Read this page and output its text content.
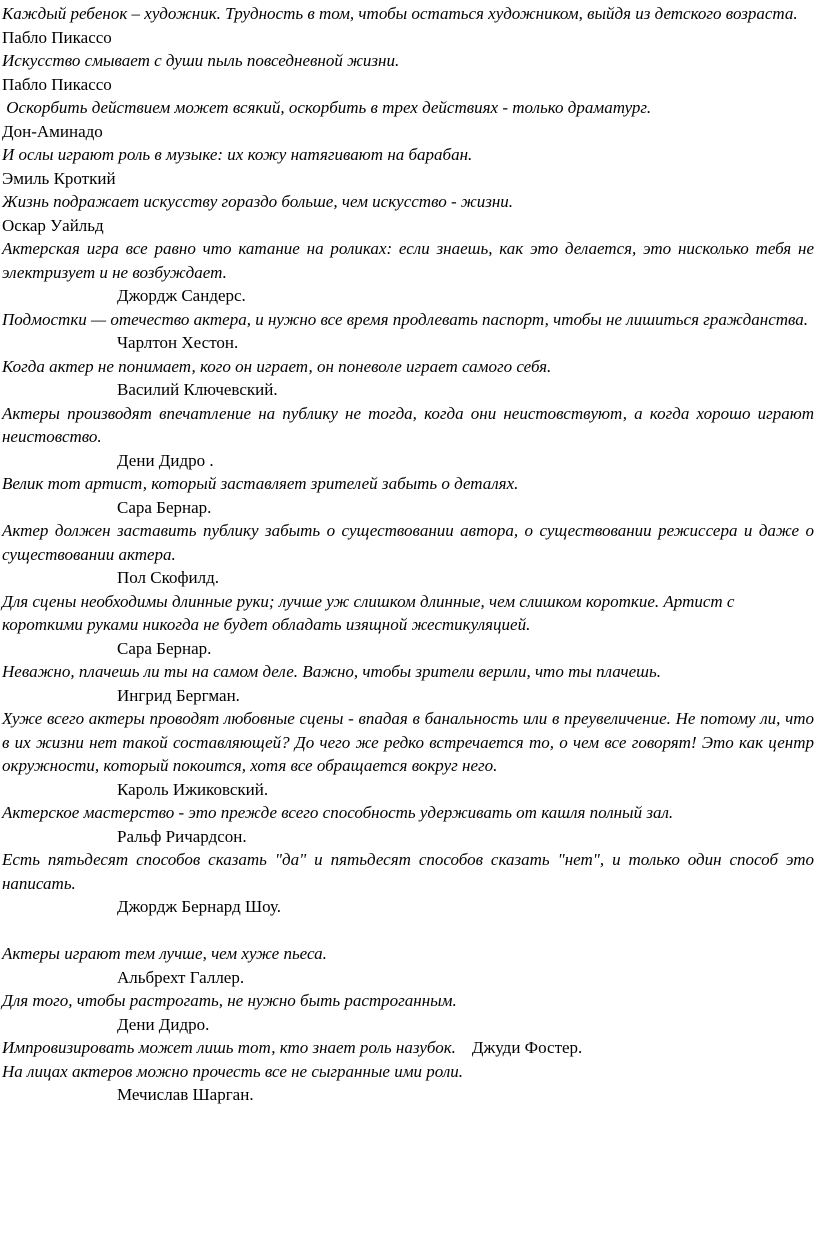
Каждый ребенок – художник. Трудность в том, чтобы остаться художником, выйдя из детского возраста.

Пабло Пикассо

Искусство смывает с души пыль повседневной жизни.

Пабло Пикассо

Оскорбить действием может всякий, оскорбить в трех действиях - только драматург.

Дон-Аминадо

И ослы играют роль в музыке: их кожу натягивают на барабан.

Эмиль Кроткий

Жизнь подражает искусству гораздо больше, чем искусство - жизни.

Оскар Уайльд

Актерская игра все равно что катание на роликах: если знаешь, как это делается, это нисколько тебя не электризует и не возбуждает.

Джордж Сандерс.

Подмостки — отечество актера, и нужно все время продлевать паспорт, чтобы не лишиться гражданства.

Чарлтон Хестон.

Когда актер не понимает, кого он играет, он поневоле играет самого себя.

Василий Ключевский.

Актеры производят впечатление на публику не тогда, когда они неистовствуют, а когда хорошо играют неистовство.

Дени Дидро .

Велик тот артист, который заставляет зрителей забыть о деталях.

Сара Бернар.

Актер должен заставить публику забыть о существовании автора, о существовании режиссера и даже о существовании актера.

Пол Скофилд.

Для сцены необходимы длинные руки; лучше уж слишком длинные, чем слишком короткие. Артист с короткими руками никогда не будет обладать изящной жестикуляцией.

Сара Бернар.

Неважно, плачешь ли ты на самом деле. Важно, чтобы зрители верили, что ты плачешь.

Ингрид Бергман.

Хуже всего актеры проводят любовные сцены - впадая в банальность или в преувеличение. Не потому ли, что в их жизни нет такой составляющей? До чего же редко встречается то, о чем все говорят! Это как центр окружности, который покоится, хотя все обращается вокруг него.

Кароль Ижиковский.

Актерское мастерство - это прежде всего способность удерживать от кашля полный зал.

Ральф Ричардсон.

Есть пятьдесят способов сказать "да" и пятьдесят способов сказать "нет", и только один способ это написать.

Джордж Бернард Шоу.

Актеры играют тем лучше, чем хуже пьеса.

Альбрехт Галлер.

Для того, чтобы растрогать, не нужно быть растроганным.

Дени Дидро.

Импровизировать может лишь тот, кто знает роль назубок. Джуди Фостер.

На лицах актеров можно прочесть все не сыгранные ими роли.

Мечислав Шарган.
